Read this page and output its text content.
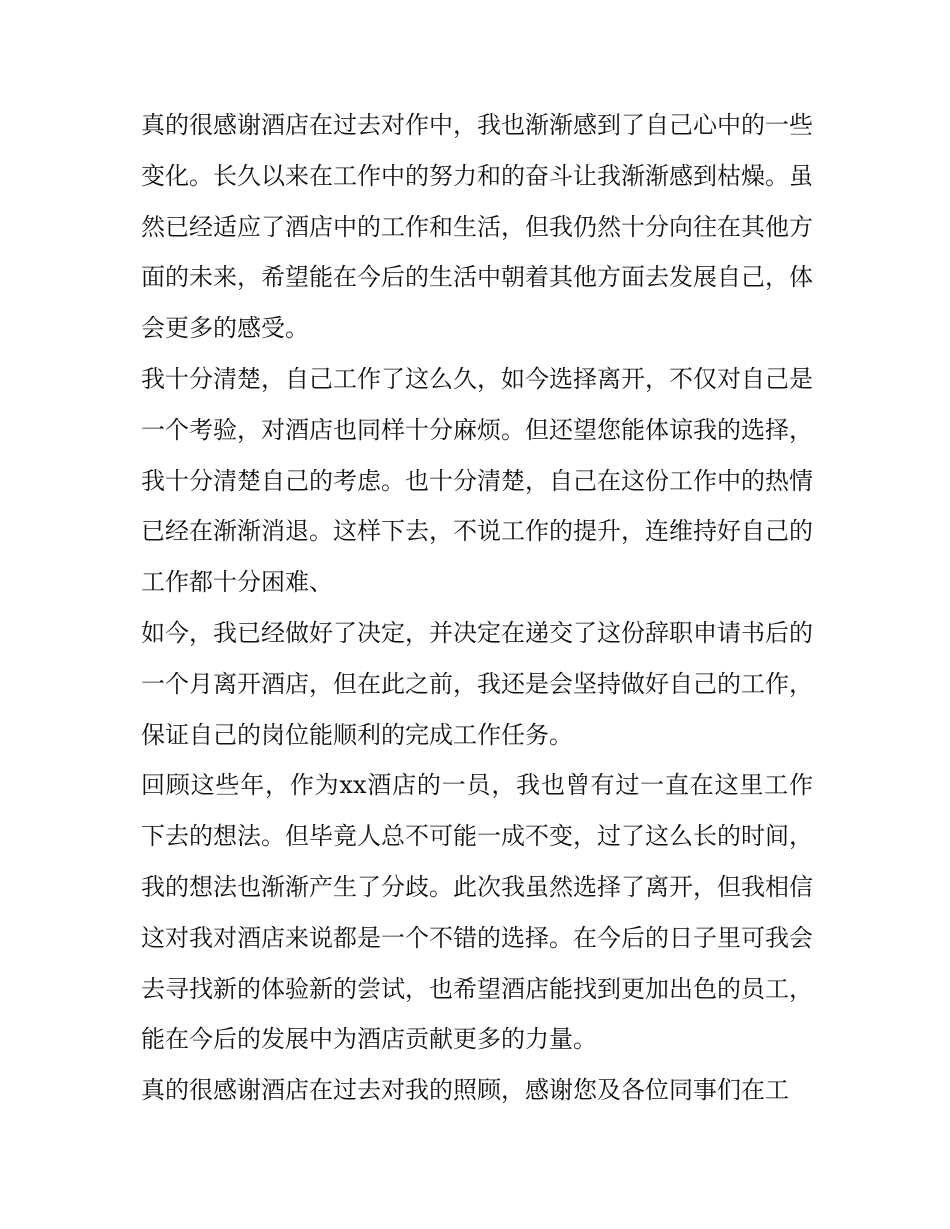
真的很感谢酒店在过去对作中，我也渐渐感到了自己心中的一些变化。长久以来在工作中的努力和的奋斗让我渐渐感到枯燥。虽然已经适应了酒店中的工作和生活，但我仍然十分向往在其他方面的未来，希望能在今后的生活中朝着其他方面去发展自己，体会更多的感受。

我十分清楚，自己工作了这么久，如今选择离开，不仅对自己是一个考验，对酒店也同样十分麻烦。但还望您能体谅我的选择，我十分清楚自己的考虑。也十分清楚，自己在这份工作中的热情已经在渐渐消退。这样下去，不说工作的提升，连维持好自己的工作都十分困难、

如今，我已经做好了决定，并决定在递交了这份辞职申请书后的一个月离开酒店，但在此之前，我还是会坚持做好自己的工作，保证自己的岗位能顺利的完成工作任务。

回顾这些年，作为xx酒店的一员，我也曾有过一直在这里工作下去的想法。但毕竟人总不可能一成不变，过了这么长的时间，我的想法也渐渐产生了分歧。此次我虽然选择了离开，但我相信这对我对酒店来说都是一个不错的选择。在今后的日子里可我会去寻找新的体验新的尝试，也希望酒店能找到更加出色的员工，能在今后的发展中为酒店贡献更多的力量。

真的很感谢酒店在过去对我的照顾，感谢您及各位同事们在工
